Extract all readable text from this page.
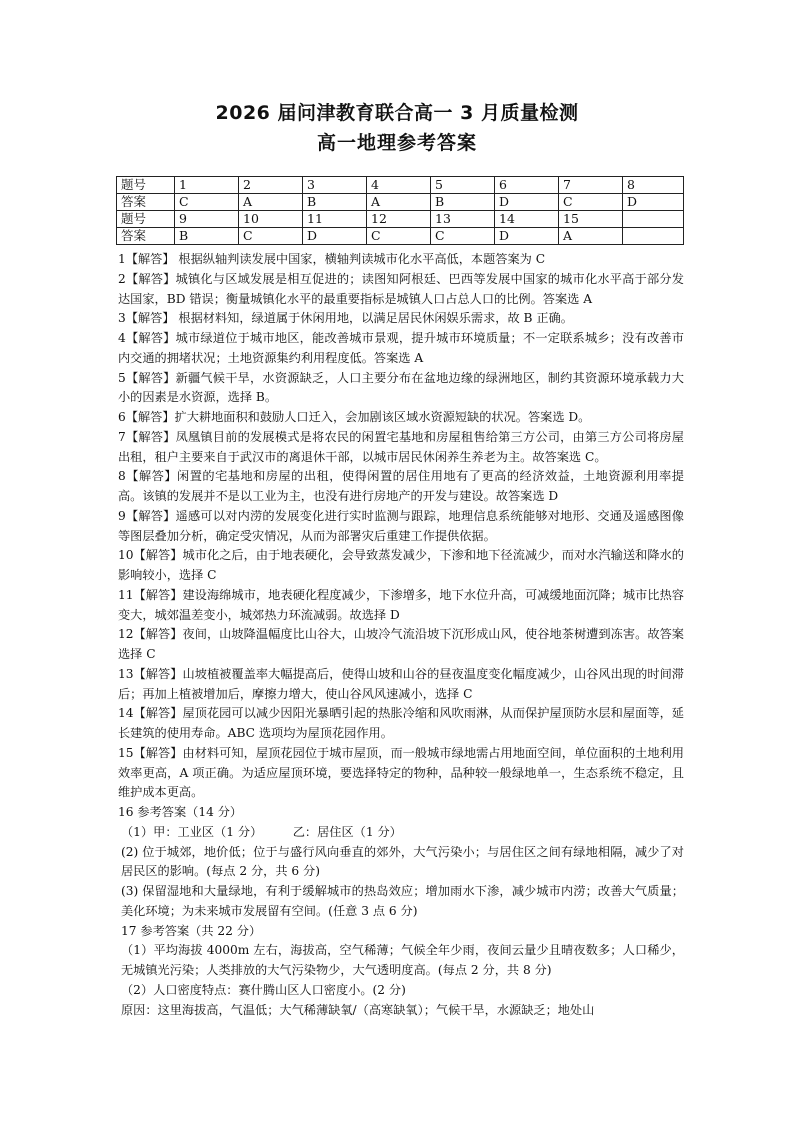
2026 届问津教育联合高一 3 月质量检测
高一地理参考答案
题号	1	2	3	4	5	6	7	8
答案	C	A	B	A	B	D	C	D
题号	9	10	11	12	13	14	15	
答案	B	C	D	C	C	D	A	

1【解答】 根据纵轴判读发展中国家，横轴判读城市化水平高低，本题答案为 C

2【解答】城镇化与区域发展是相互促进的；读图知阿根廷、巴西等发展中国家的城市化水平高于部分发达国家，BD 错误；衡量城镇化水平的最重要指标是城镇人口占总人口的比例。答案选 A

3【解答】 根据材料知，绿道属于休闲用地，以满足居民休闲娱乐需求，故 B 正确。

4【解答】城市绿道位于城市地区，能改善城市景观，提升城市环境质量；不一定联系城乡；没有改善市内交通的拥堵状况；土地资源集约利用程度低。答案选 A

5【解答】新疆气候干旱，水资源缺乏，人口主要分布在盆地边缘的绿洲地区，制约其资源环境承载力大小的因素是水资源，选择 B。

6【解答】扩大耕地面积和鼓励人口迁入，会加剧该区域水资源短缺的状况。答案选 D。

7【解答】凤凰镇目前的发展模式是将农民的闲置宅基地和房屋租售给第三方公司，由第三方公司将房屋出租，租户主要来自于武汉市的离退休干部，以城市居民休闲养生养老为主。故答案选 C。

8【解答】闲置的宅基地和房屋的出租，使得闲置的居住用地有了更高的经济效益，土地资源利用率提高。该镇的发展并不是以工业为主，也没有进行房地产的开发与建设。故答案选 D

9【解答】遥感可以对内涝的发展变化进行实时监测与跟踪，地理信息系统能够对地形、交通及遥感图像等图层叠加分析，确定受灾情况，从而为部署灾后重建工作提供依据。

10【解答】城市化之后，由于地表硬化，会导致蒸发减少，下渗和地下径流减少，而对水汽输送和降水的影响较小，选择 C

11【解答】建设海绵城市，地表硬化程度减少，下渗增多，地下水位升高，可减缓地面沉降；城市比热容变大，城郊温差变小，城郊热力环流减弱。故选择 D

12【解答】夜间，山坡降温幅度比山谷大，山坡冷气流沿坡下沉形成山风，使谷地茶树遭到冻害。故答案选择 C

13【解答】山坡植被覆盖率大幅提高后，使得山坡和山谷的昼夜温度变化幅度减少，山谷风出现的时间滞后；再加上植被增加后，摩擦力增大，使山谷风风速减小，选择 C

14【解答】屋顶花园可以减少因阳光暴晒引起的热胀冷缩和风吹雨淋，从而保护屋顶防水层和屋面等，延长建筑的使用寿命。ABC 选项均为屋顶花园作用。

15【解答】由材料可知，屋顶花园位于城市屋顶，而一般城市绿地需占用地面空间，单位面积的土地利用效率更高，A 项正确。为适应屋顶环境，要选择特定的物种，品种较一般绿地单一，生态系统不稳定，且维护成本更高。

16 参考答案（14 分）

（1）甲：工业区（1 分）　　　乙：居住区（1 分）

(2) 位于城郊，地价低；位于与盛行风向垂直的郊外，大气污染小；与居住区之间有绿地相隔，减少了对居民区的影响。(每点 2 分，共 6 分)

(3) 保留湿地和大量绿地，有利于缓解城市的热岛效应；增加雨水下渗，减少城市内涝；改善大气质量；美化环境；为未来城市发展留有空间。(任意 3 点 6 分)

17 参考答案（共 22 分）

（1）平均海拔 4000m 左右，海拔高，空气稀薄；气候全年少雨，夜间云量少且晴夜数多；人口稀少，无城镇光污染；人类排放的大气污染物少，大气透明度高。(每点 2 分，共 8 分)

（2）人口密度特点：赛什腾山区人口密度小。(2 分)

原因：这里海拔高，气温低；大气稀薄缺氧/（高寒缺氧）；气候干旱，水源缺乏；地处山
